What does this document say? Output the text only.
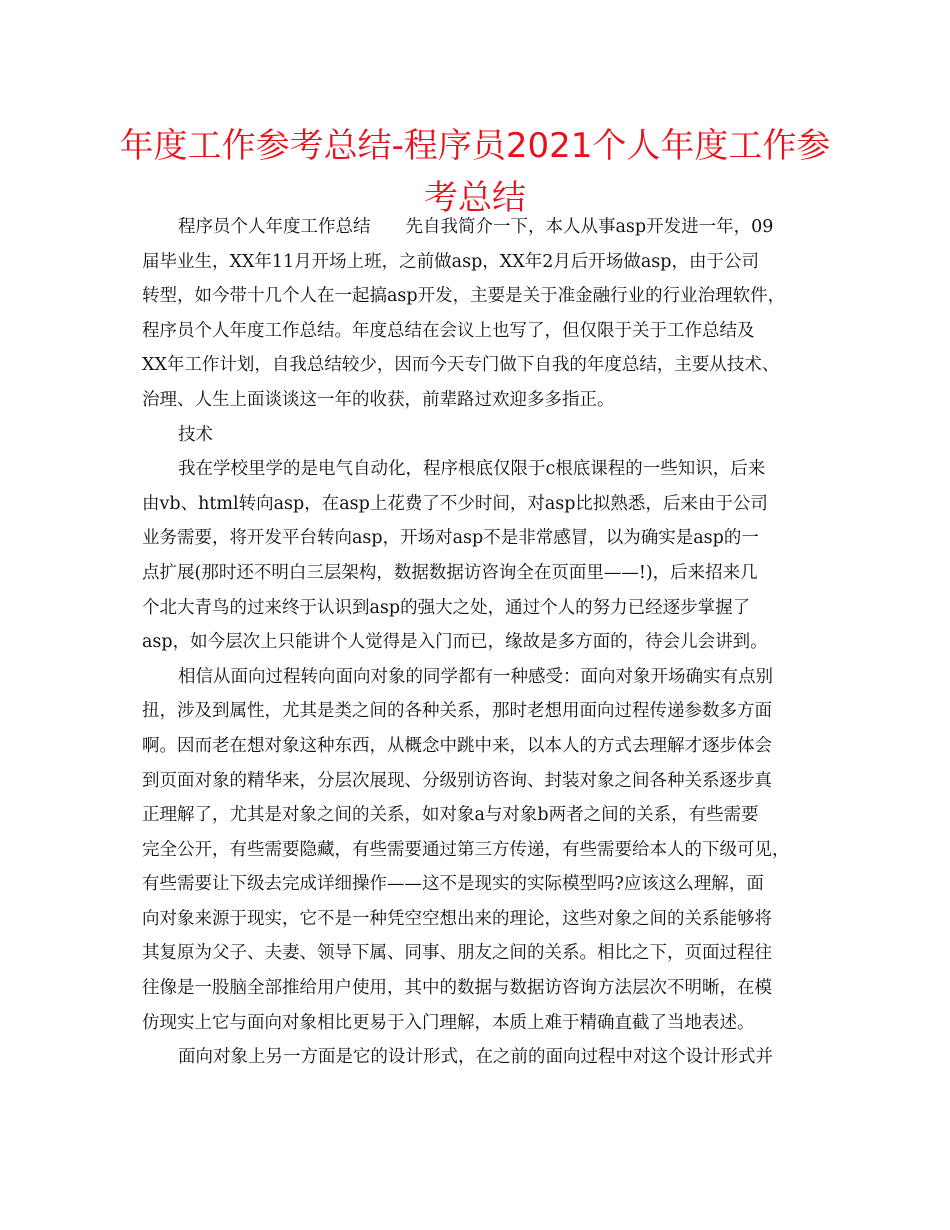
年度工作参考总结-程序员2021个人年度工作参
考总结
程序员个人年度工作总结　　先自我简介一下，本人从事asp开发进一年，09
届毕业生，XX年11月开场上班，之前做asp，XX年2月后开场做asp，由于公司
转型，如今带十几个人在一起搞asp开发，主要是关于准金融行业的行业治理软件，
程序员个人年度工作总结。年度总结在会议上也写了，但仅限于关于工作总结及
XX年工作计划，自我总结较少，因而今天专门做下自我的年度总结，主要从技术、
治理、人生上面谈谈这一年的收获，前辈路过欢迎多多指正。
技术
我在学校里学的是电气自动化，程序根底仅限于c根底课程的一些知识，后来
由vb、html转向asp，在asp上花费了不少时间，对asp比拟熟悉，后来由于公司
业务需要，将开发平台转向asp，开场对asp不是非常感冒，以为确实是asp的一
点扩展(那时还不明白三层架构，数据数据访咨询全在页面里——!)，后来招来几
个北大青鸟的过来终于认识到asp的强大之处，通过个人的努力已经逐步掌握了
asp，如今层次上只能讲个人觉得是入门而已，缘故是多方面的，待会儿会讲到。
相信从面向过程转向面向对象的同学都有一种感受：面向对象开场确实有点别
扭，涉及到属性，尤其是类之间的各种关系，那时老想用面向过程传递参数多方面
啊。因而老在想对象这种东西，从概念中跳中来，以本人的方式去理解才逐步体会
到页面对象的精华来，分层次展现、分级别访咨询、封装对象之间各种关系逐步真
正理解了，尤其是对象之间的关系，如对象a与对象b两者之间的关系，有些需要
完全公开，有些需要隐藏，有些需要通过第三方传递，有些需要给本人的下级可见，
有些需要让下级去完成详细操作——这不是现实的实际模型吗?应该这么理解，面
向对象来源于现实，它不是一种凭空空想出来的理论，这些对象之间的关系能够将
其复原为父子、夫妻、领导下属、同事、朋友之间的关系。相比之下，页面过程往
往像是一股脑全部推给用户使用，其中的数据与数据访咨询方法层次不明晰，在模
仿现实上它与面向对象相比更易于入门理解，本质上难于精确直截了当地表述。
面向对象上另一方面是它的设计形式，在之前的面向过程中对这个设计形式并
